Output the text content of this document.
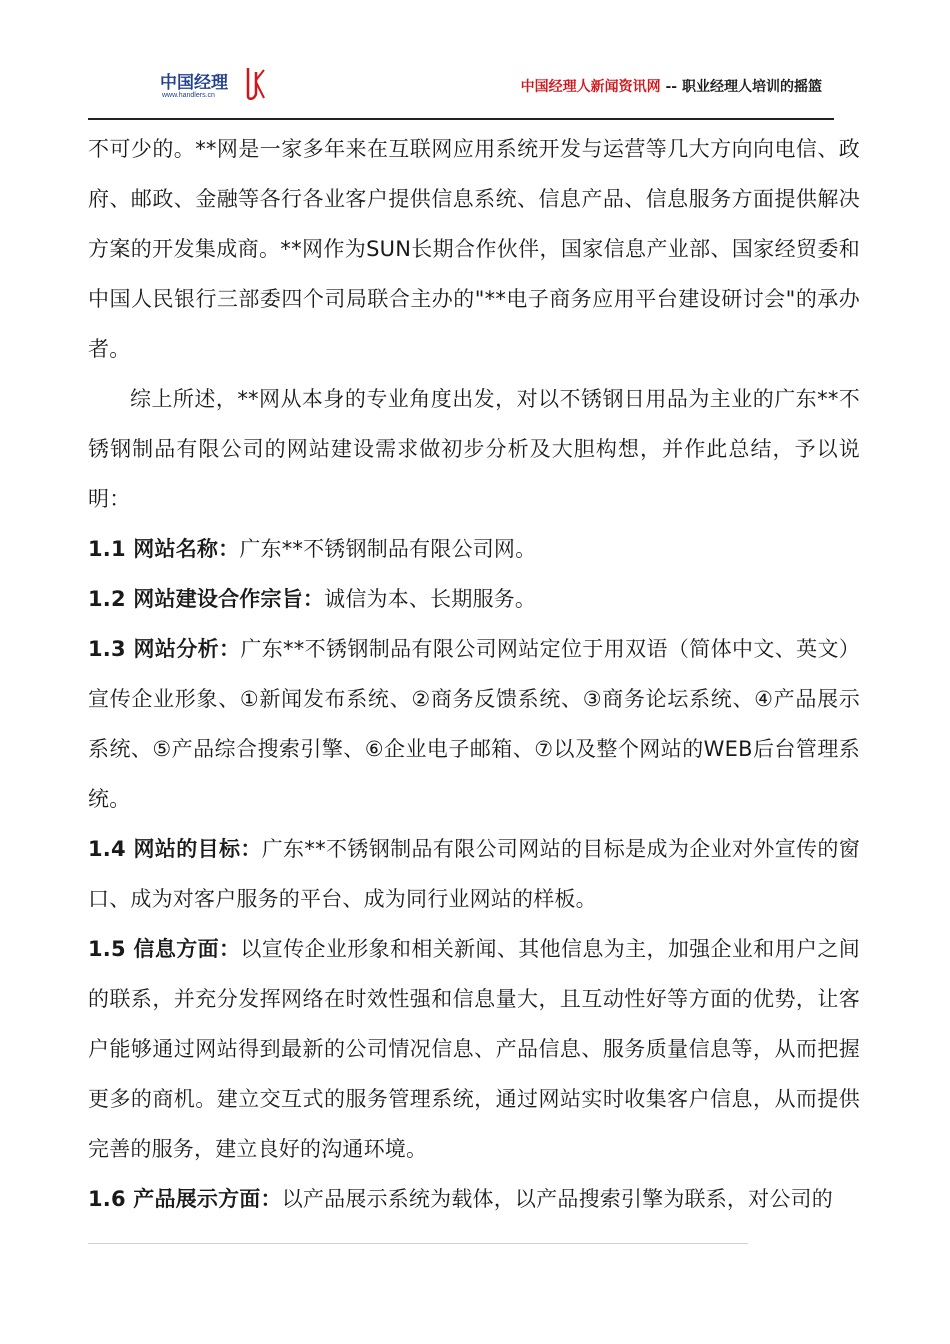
中国经理
www.handlers.cn
中国经理人新闻资讯网 -- 职业经理人培训的摇篮

不可少的。**网是一家多年来在互联网应用系统开发与运营等几大方向向电信、政府、邮政、金融等各行各业客户提供信息系统、信息产品、信息服务方面提供解决方案的开发集成商。**网作为SUN长期合作伙伴，国家信息产业部、国家经贸委和中国人民银行三部委四个司局联合主办的"**电子商务应用平台建设研讨会"的承办者。

综上所述，**网从本身的专业角度出发，对以不锈钢日用品为主业的广东**不锈钢制品有限公司的网站建设需求做初步分析及大胆构想，并作此总结，予以说明：

1.1 网站名称：广东**不锈钢制品有限公司网。

1.2 网站建设合作宗旨：诚信为本、长期服务。

1.3 网站分析：广东**不锈钢制品有限公司网站定位于用双语（简体中文、英文）宣传企业形象、①新闻发布系统、②商务反馈系统、③商务论坛系统、④产品展示系统、⑤产品综合搜索引擎、⑥企业电子邮箱、⑦以及整个网站的WEB后台管理系统。

1.4 网站的目标：广东**不锈钢制品有限公司网站的目标是成为企业对外宣传的窗口、成为对客户服务的平台、成为同行业网站的样板。

1.5 信息方面：以宣传企业形象和相关新闻、其他信息为主，加强企业和用户之间的联系，并充分发挥网络在时效性强和信息量大，且互动性好等方面的优势，让客户能够通过网站得到最新的公司情况信息、产品信息、服务质量信息等，从而把握更多的商机。建立交互式的服务管理系统，通过网站实时收集客户信息，从而提供完善的服务，建立良好的沟通环境。

1.6 产品展示方面：以产品展示系统为载体，以产品搜索引擎为联系，对公司的
